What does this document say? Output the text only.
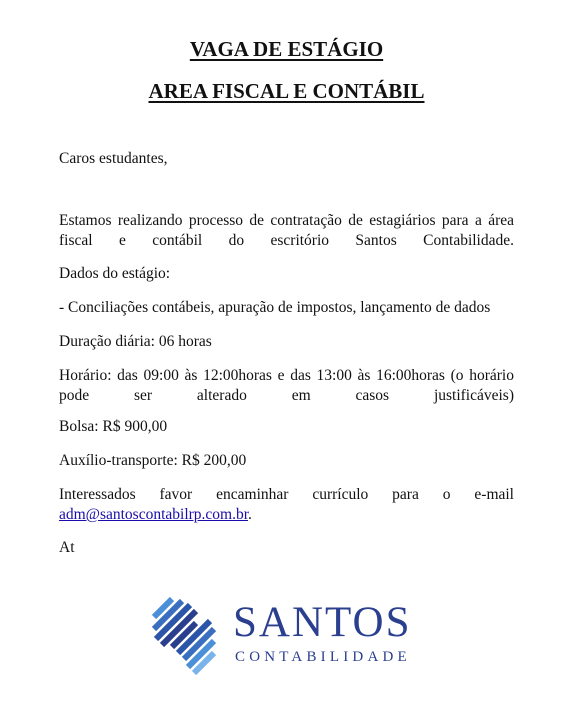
VAGA DE ESTÁGIO
AREA FISCAL E CONTÁBIL
Caros estudantes,
Estamos realizando processo de contratação de estagiários para a área fiscal e contábil do escritório Santos Contabilidade.
Dados do estágio:
- Conciliações contábeis, apuração de impostos, lançamento de dados
Duração diária: 06 horas
Horário: das 09:00 às 12:00horas e das 13:00 às 16:00horas (o horário pode ser alterado em casos justificáveis)
Bolsa: R$ 900,00
Auxílio-transporte: R$ 200,00
Interessados favor encaminhar currículo para o e-mail
adm@santoscontabilrp.com.br.
At
SANTOS
CONTABILIDADE
